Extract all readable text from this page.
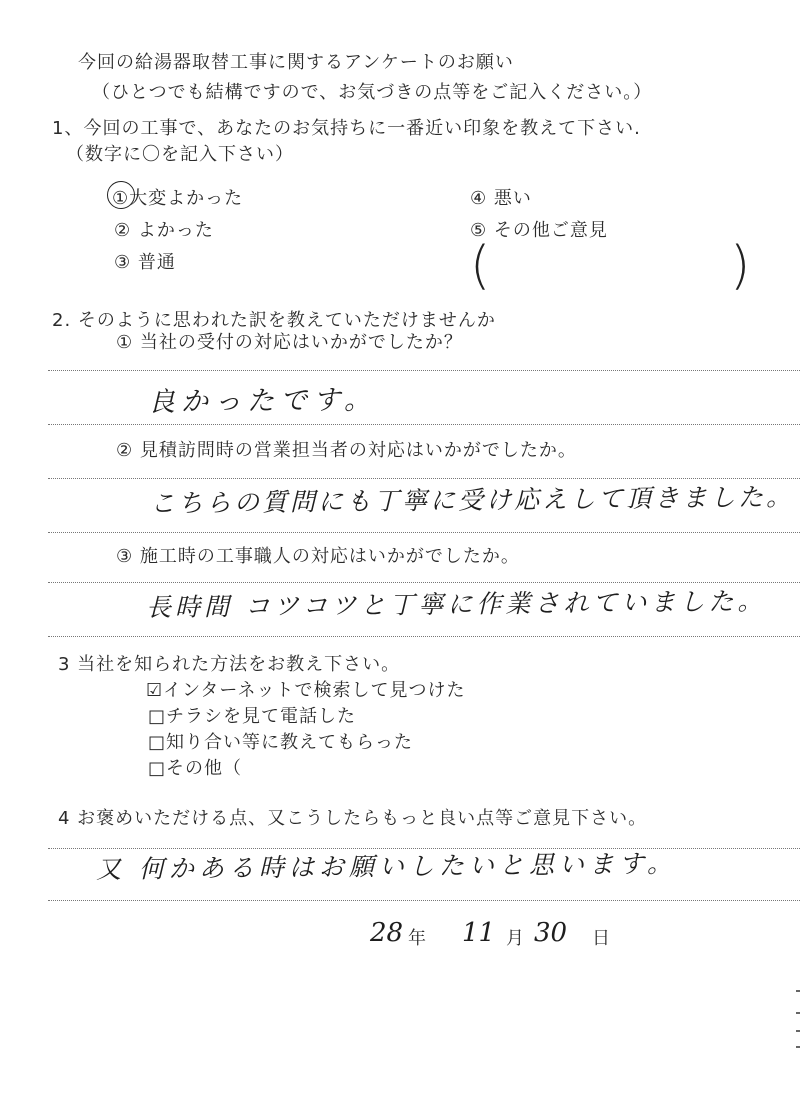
今回の給湯器取替工事に関するアンケートのお願い
（ひとつでも結構ですので、お気づきの点等をご記入ください。）
1、今回の工事で、あなたのお気持ちに一番近い印象を教えて下さい.
（数字に〇を記入下さい）
①大変よかった
② よかった
③ 普通
④ 悪い
⑤ その他ご意見
(	)
2. そのように思われた訳を教えていただけませんか
① 当社の受付の対応はいかがでしたか？
良かったです。
② 見積訪問時の営業担当者の対応はいかがでしたか。
こちらの質問にも丁寧に受け応えして頂きました。
③ 施工時の工事職人の対応はいかがでしたか。
長時間 コツコツと丁寧に作業されていました。
3 当社を知られた方法をお教え下さい。
☑インターネットで検索して見つけた
□チラシを見て電話した
□知り合い等に教えてもらった
□その他（
4 お褒めいただける点、又こうしたらもっと良い点等ご意見下さい。
又 何かある時はお願いしたいと思います。
28 年 11 月 30 日
